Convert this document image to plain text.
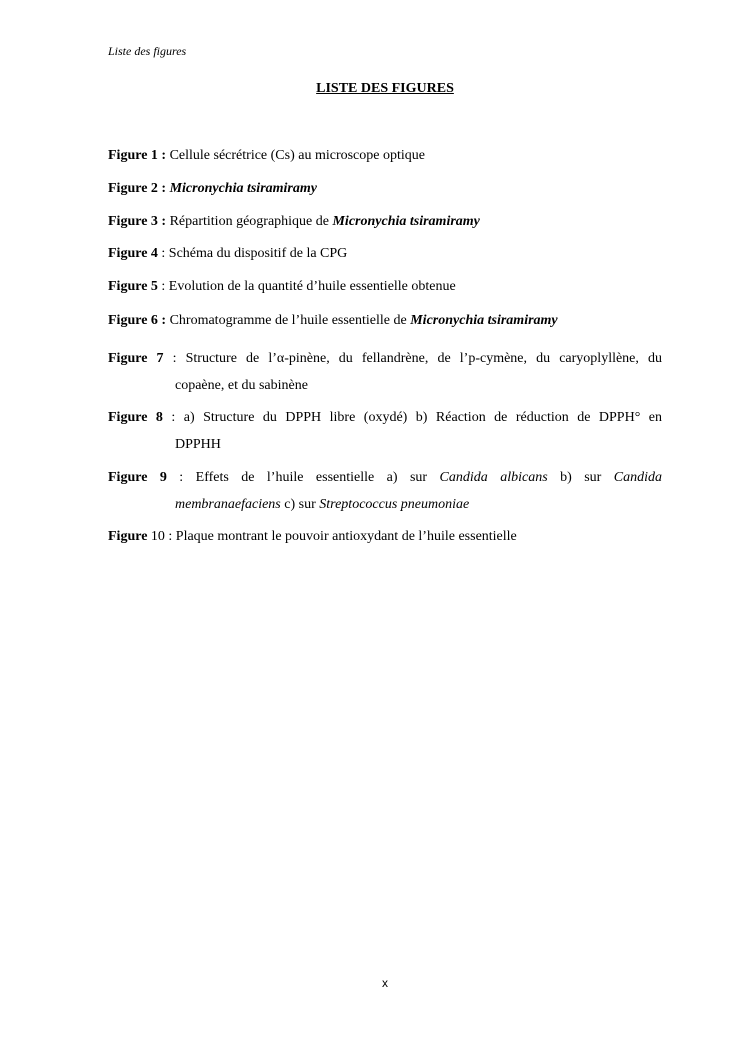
Liste des figures
LISTE DES FIGURES
Figure 1 : Cellule sécrétrice (Cs) au microscope optique
Figure 2 : Micronychia tsiramiramy
Figure 3 : Répartition géographique de Micronychia tsiramiramy
Figure 4 : Schéma du dispositif de la CPG
Figure 5 : Evolution de la quantité d’huile essentielle obtenue
Figure 6 : Chromatogramme de l’huile essentielle de Micronychia tsiramiramy
Figure 7 : Structure de l’α-pinène, du fellandrène, de l’p-cymène, du caryoplyllène, du
copaène, et du sabinène
Figure 8 : a) Structure du DPPH libre (oxydé) b) Réaction de réduction de DPPH° en
DPPHH
Figure 9 : Effets de l’huile essentielle a) sur Candida albicans b) sur Candida
membranaefaciens c) sur Streptococcus pneumoniae
Figure 10 : Plaque montrant le pouvoir antioxydant de l’huile essentielle
x
